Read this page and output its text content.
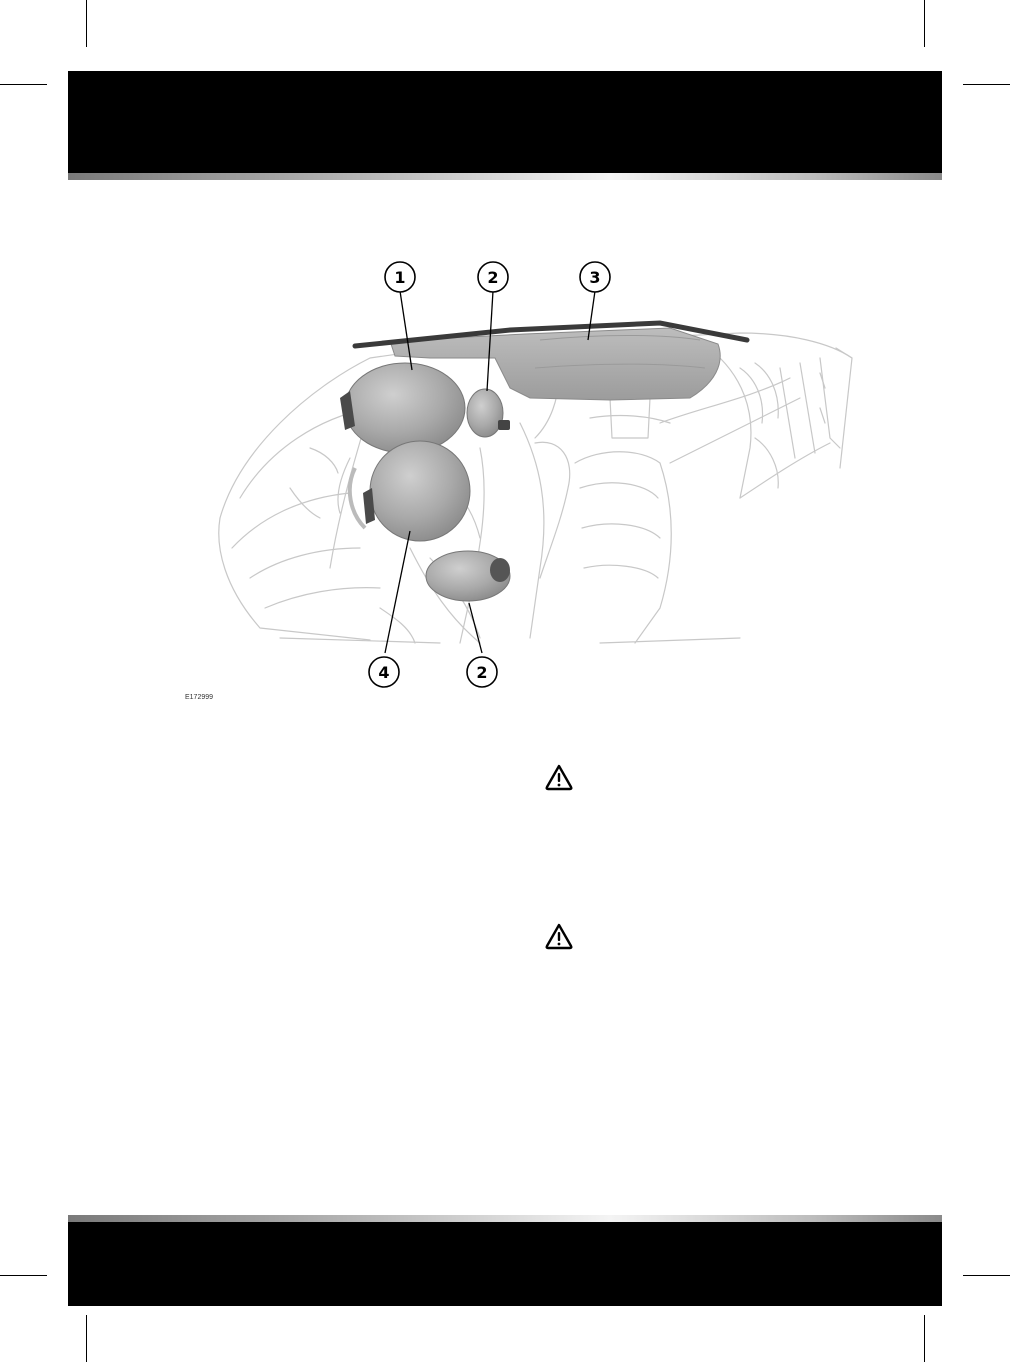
1	2	3
4	2
E172999
